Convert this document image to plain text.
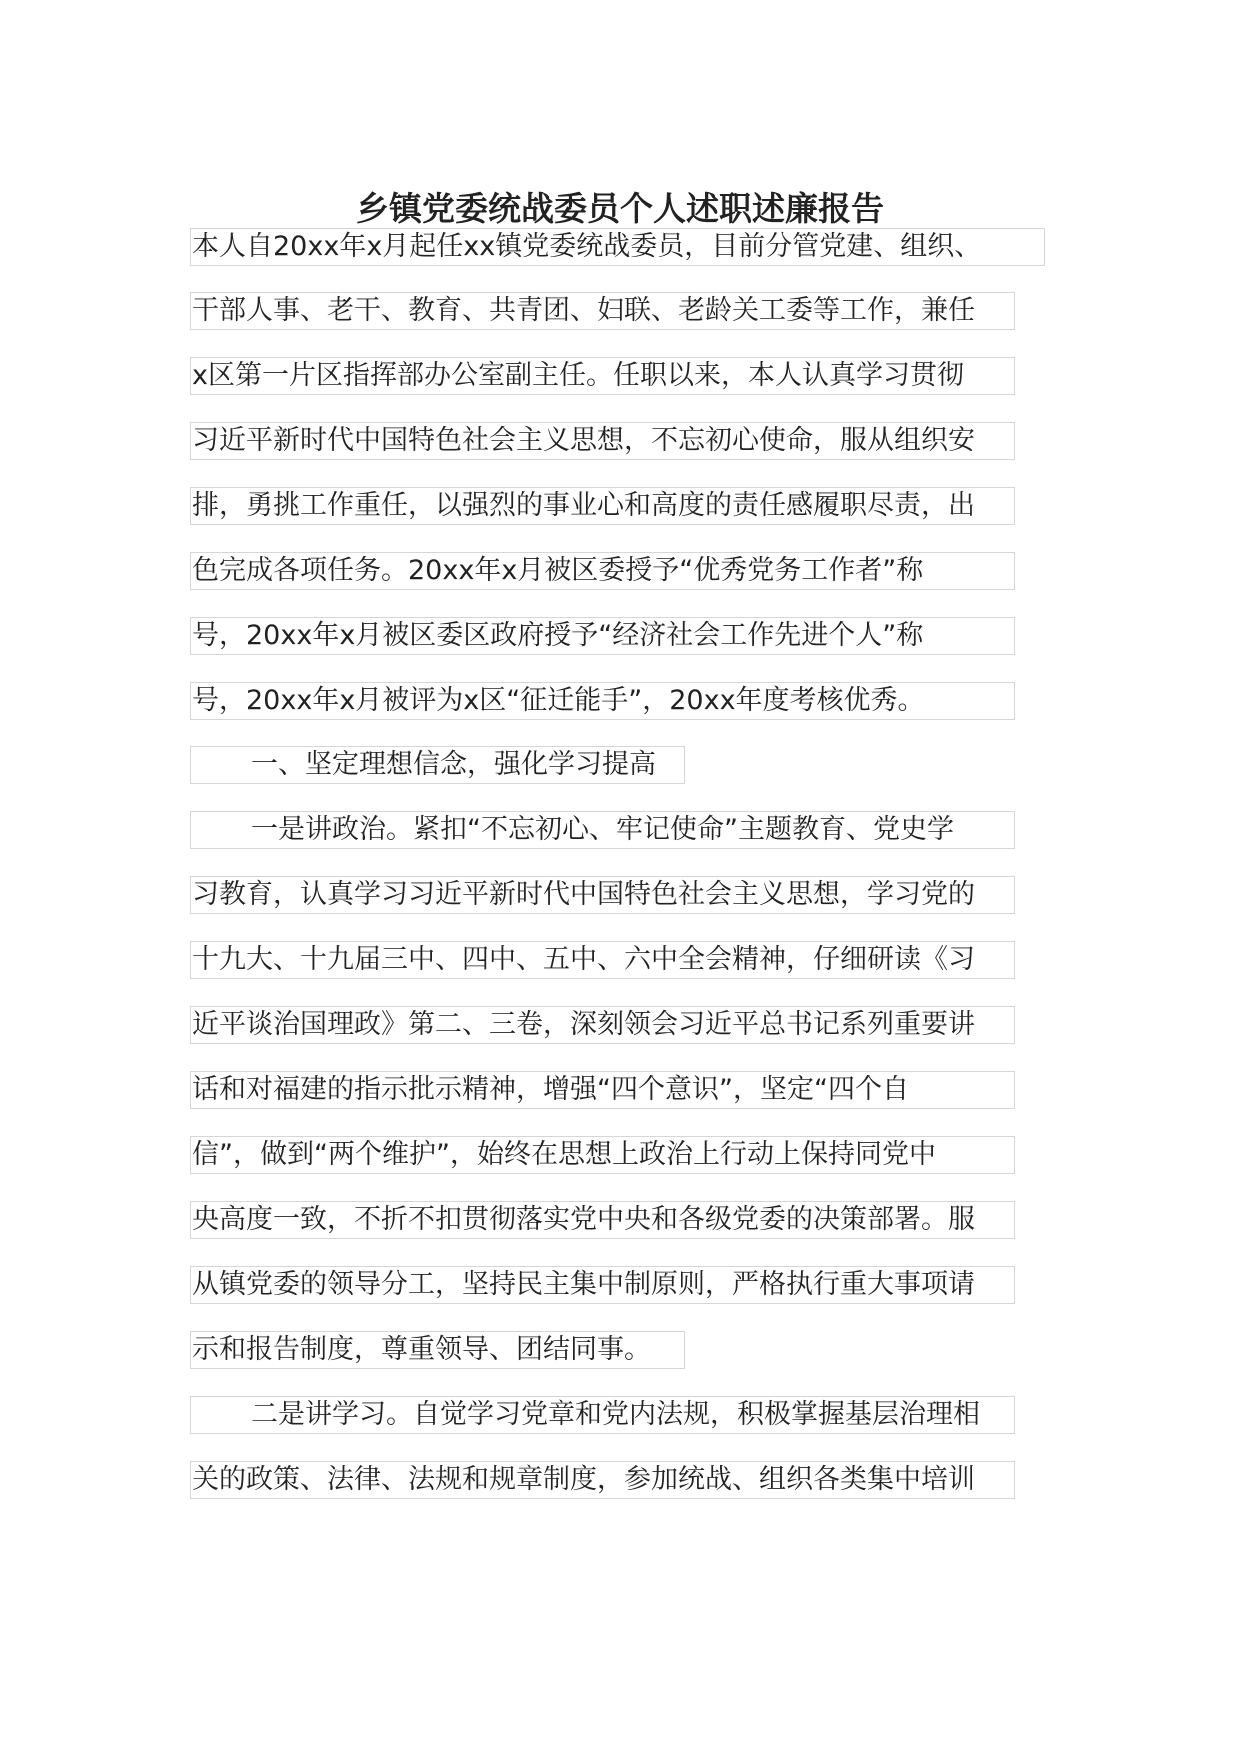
乡镇党委统战委员个人述职述廉报告
本人自20xx年x月起任xx镇党委统战委员，目前分管党建、组织、
干部人事、老干、教育、共青团、妇联、老龄关工委等工作，兼任
x区第一片区指挥部办公室副主任。任职以来，本人认真学习贯彻
习近平新时代中国特色社会主义思想，不忘初心使命，服从组织安
排，勇挑工作重任，以强烈的事业心和高度的责任感履职尽责，出
色完成各项任务。20xx年x月被区委授予“优秀党务工作者”称
号，20xx年x月被区委区政府授予“经济社会工作先进个人”称
号，20xx年x月被评为x区“征迁能手”，20xx年度考核优秀。
一、坚定理想信念，强化学习提高
一是讲政治。紧扣“不忘初心、牢记使命”主题教育、党史学
习教育，认真学习习近平新时代中国特色社会主义思想，学习党的
十九大、十九届三中、四中、五中、六中全会精神，仔细研读《习
近平谈治国理政》第二、三卷，深刻领会习近平总书记系列重要讲
话和对福建的指示批示精神，增强“四个意识”，坚定“四个自
信”，做到“两个维护”，始终在思想上政治上行动上保持同党中
央高度一致，不折不扣贯彻落实党中央和各级党委的决策部署。服
从镇党委的领导分工，坚持民主集中制原则，严格执行重大事项请
示和报告制度，尊重领导、团结同事。
二是讲学习。自觉学习党章和党内法规，积极掌握基层治理相
关的政策、法律、法规和规章制度，参加统战、组织各类集中培训
